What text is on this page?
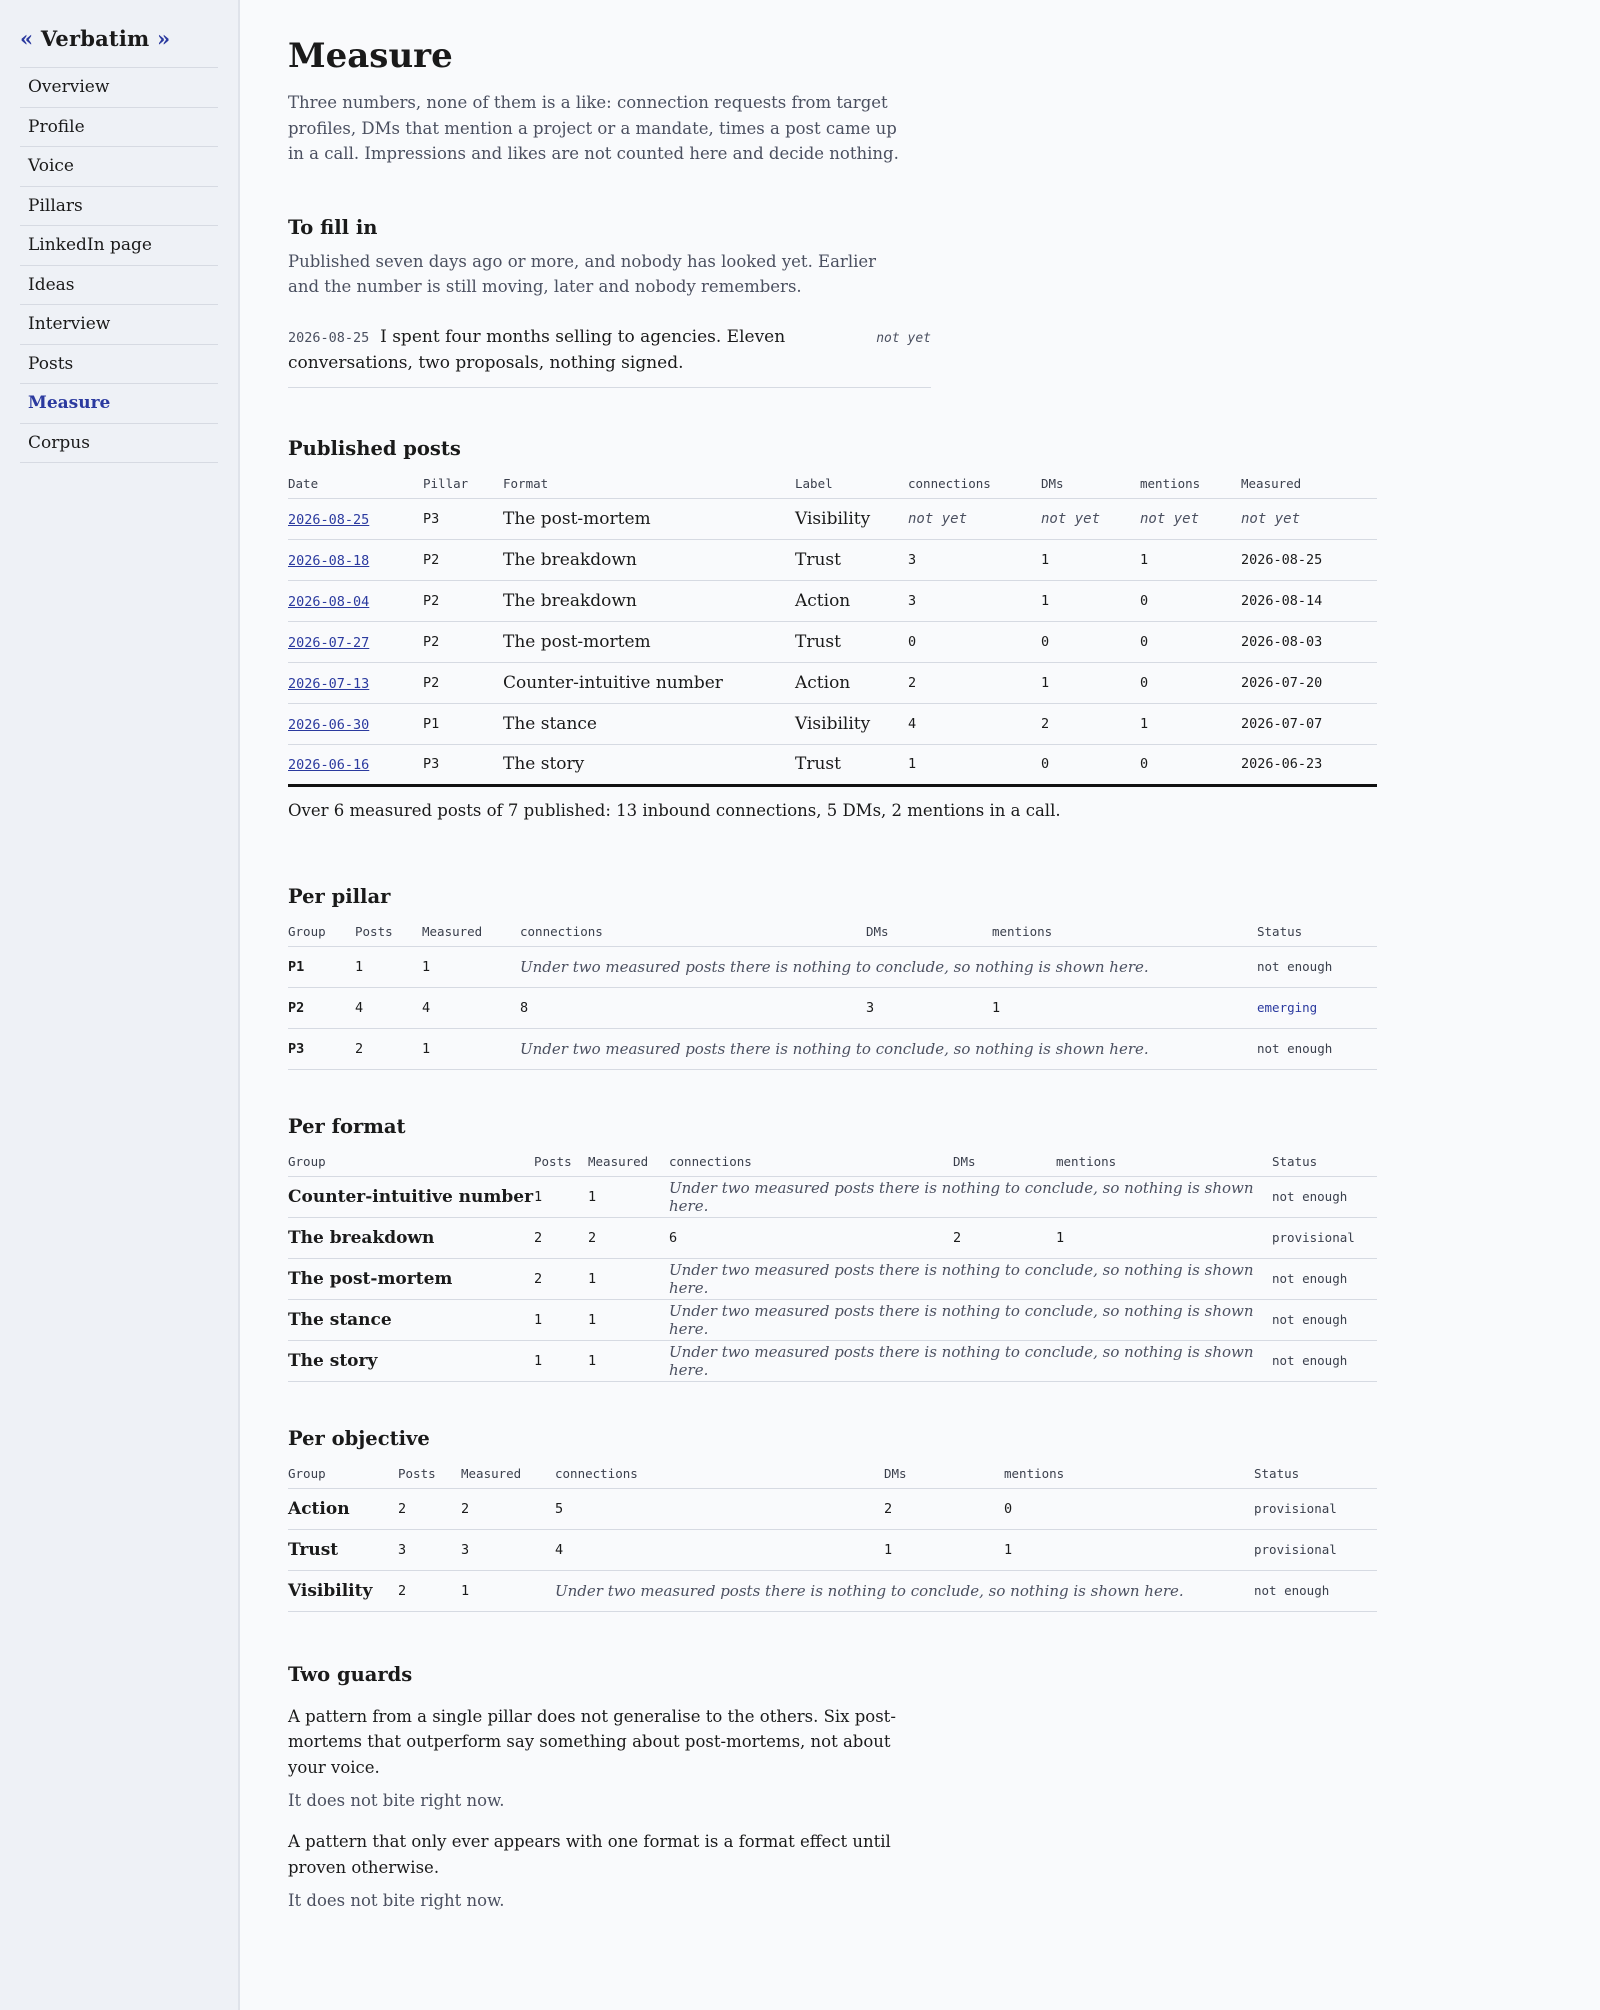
« Verbatim »
Overview
Profile
Voice
Pillars
LinkedIn page
Ideas
Interview
Posts
Measure
Corpus
Measure

Three numbers, none of them is a like: connection requests from target profiles, DMs that mention a project or a mandate, times a post came up in a call. Impressions and likes are not counted here and decide nothing.

To fill in

Published seven days ago or more, and nobody has looked yet. Earlier and the number is still moving, later and nobody remembers.

2026-08-25 I spent four months selling to agencies. Eleven conversations, two proposals, nothing signed.
not yet
Published posts
Date	Pillar	Format	Label	connections	DMs	mentions	Measured
2026-08-25	P3	The post-mortem	Visibility	not yet	not yet	not yet	not yet
2026-08-18	P2	The breakdown	Trust	3	1	1	2026-08-25
2026-08-04	P2	The breakdown	Action	3	1	0	2026-08-14
2026-07-27	P2	The post-mortem	Trust	0	0	0	2026-08-03
2026-07-13	P2	Counter-intuitive number	Action	2	1	0	2026-07-20
2026-06-30	P1	The stance	Visibility	4	2	1	2026-07-07
2026-06-16	P3	The story	Trust	1	0	0	2026-06-23

Over 6 measured posts of 7 published: 13 inbound connections, 5 DMs, 2 mentions in a call.

Per pillar
Group	Posts	Measured	connections	DMs	mentions	Status
P1	1	1	Under two measured posts there is nothing to conclude, so nothing is shown here.			not enough
P2	4	4	8	3	1	emerging
P3	2	1	Under two measured posts there is nothing to conclude, so nothing is shown here.			not enough
Per format
Group	Posts	Measured	connections	DMs	mentions	Status
Counter-intuitive number	1	1	Under two measured posts there is nothing to conclude, so nothing is shown here.			not enough
The breakdown	2	2	6	2	1	provisional
The post-mortem	2	1	Under two measured posts there is nothing to conclude, so nothing is shown here.			not enough
The stance	1	1	Under two measured posts there is nothing to conclude, so nothing is shown here.			not enough
The story	1	1	Under two measured posts there is nothing to conclude, so nothing is shown here.			not enough
Per objective
Group	Posts	Measured	connections	DMs	mentions	Status
Action	2	2	5	2	0	provisional
Trust	3	3	4	1	1	provisional
Visibility	2	1	Under two measured posts there is nothing to conclude, so nothing is shown here.			not enough
Two guards

A pattern from a single pillar does not generalise to the others. Six post-mortems that outperform say something about post-mortems, not about your voice.

It does not bite right now.

A pattern that only ever appears with one format is a format effect until proven otherwise.

It does not bite right now.
